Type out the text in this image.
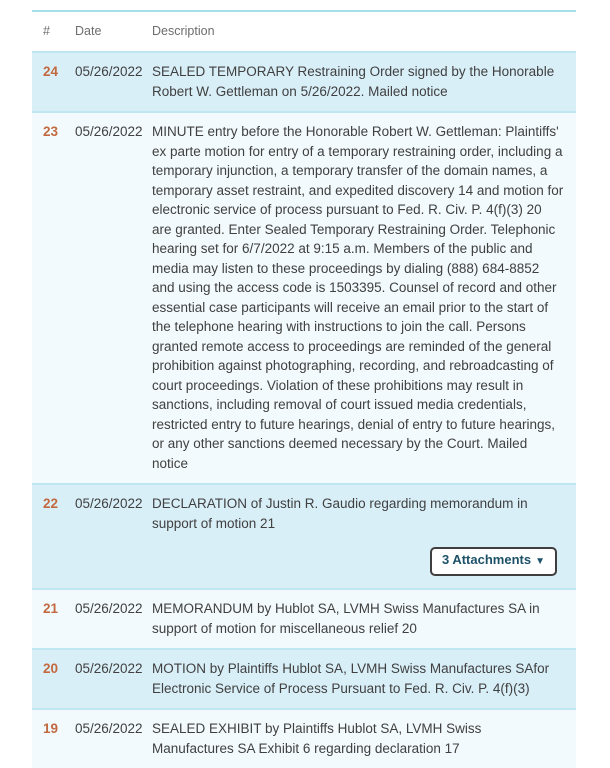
#	Date	Description
24	05/26/2022 SEALED TEMPORARY Restraining Order signed by the Honorable Robert W. Gettleman on 5/26/2022. Mailed notice
23	05/26/2022 MINUTE entry before the Honorable Robert W. Gettleman: Plaintiffs' ex parte motion for entry of a temporary restraining order, including a temporary injunction, a temporary transfer of the domain names, a temporary asset restraint, and expedited discovery 14 and motion for electronic service of process pursuant to Fed. R. Civ. P. 4(f)(3) 20 are granted. Enter Sealed Temporary Restraining Order. Telephonic hearing set for 6/7/2022 at 9:15 a.m. Members of the public and media may listen to these proceedings by dialing (888) 684-8852 and using the access code is 1503395. Counsel of record and other essential case participants will receive an email prior to the start of the telephone hearing with instructions to join the call. Persons granted remote access to proceedings are reminded of the general prohibition against photographing, recording, and rebroadcasting of court proceedings. Violation of these prohibitions may result in sanctions, including removal of court issued media credentials, restricted entry to future hearings, denial of entry to future hearings, or any other sanctions deemed necessary by the Court. Mailed notice
22	05/26/2022 DECLARATION of Justin R. Gaudio regarding memorandum in support of motion 21
3 Attachments ▼
21	05/26/2022 MEMORANDUM by Hublot SA, LVMH Swiss Manufactures SA in support of motion for miscellaneous relief 20
20	05/26/2022 MOTION by Plaintiffs Hublot SA, LVMH Swiss Manufactures SAfor Electronic Service of Process Pursuant to Fed. R. Civ. P. 4(f)(3)
19	05/26/2022 SEALED EXHIBIT by Plaintiffs Hublot SA, LVMH Swiss Manufactures SA Exhibit 6 regarding declaration 17
